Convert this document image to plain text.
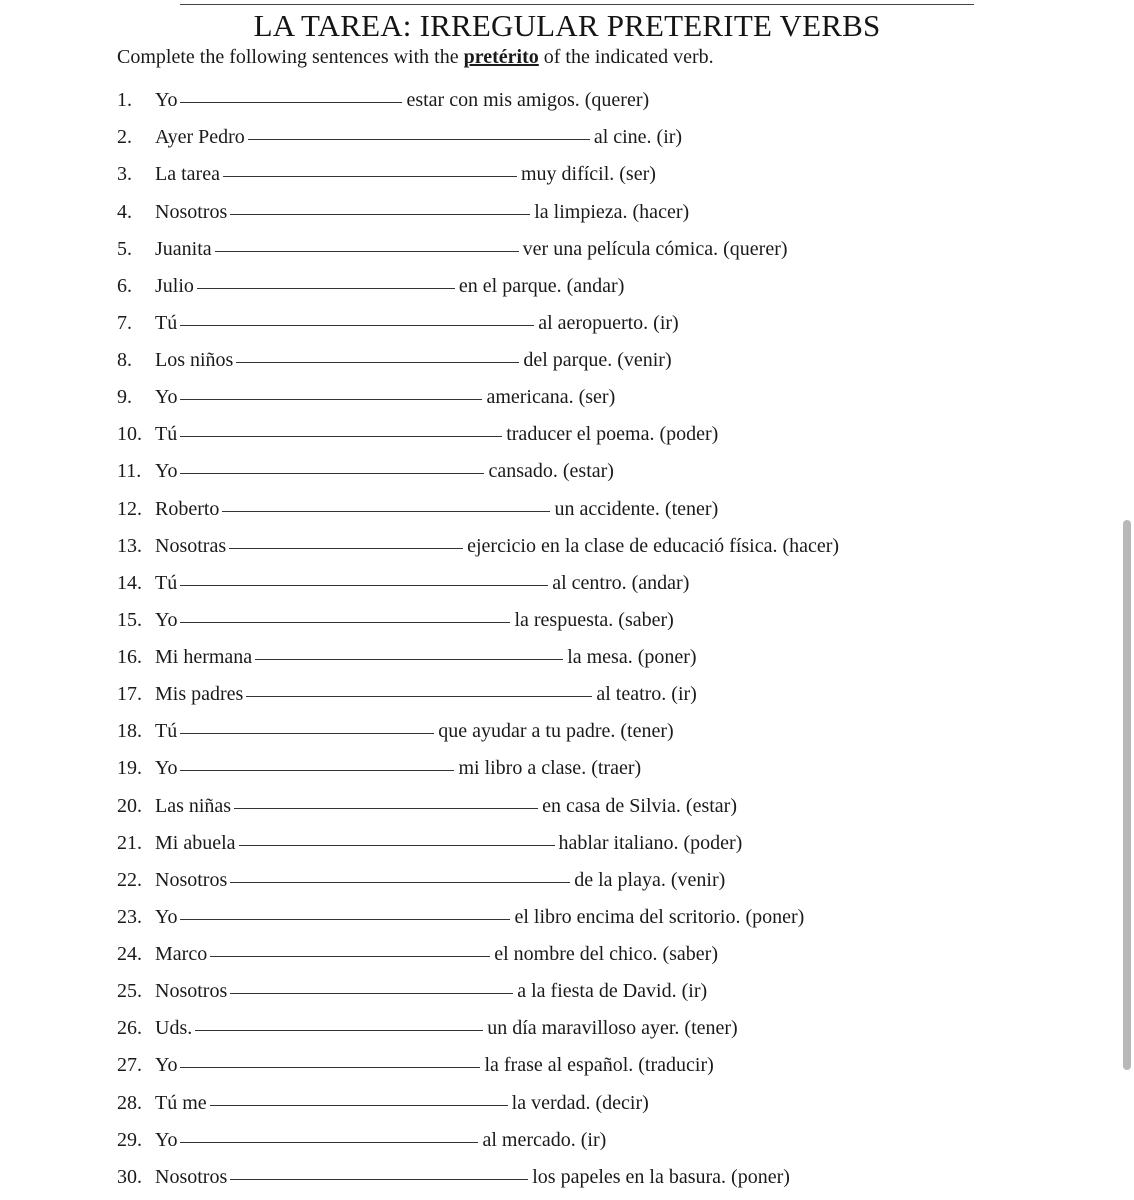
LA TAREA: IRREGULAR PRETERITE VERBS
Complete the following sentences with the pretérito of the indicated verb.
1. Yo	estar con mis amigos. (querer)
2. Ayer Pedro	al cine. (ir)
3. La tarea	muy difícil. (ser)
4. Nosotros	la limpieza. (hacer)
5. Juanita	ver una película cómica. (querer)
6. Julio	en el parque. (andar)
7. Tú	al aeropuerto. (ir)
8. Los niños	del parque. (venir)
9. Yo	americana. (ser)
10. Tú	traducer el poema. (poder)
11. Yo	cansado. (estar)
12. Roberto	un accidente. (tener)
13. Nosotras	ejercicio en la clase de educació física. (hacer)
14. Tú	al centro. (andar)
15. Yo	la respuesta. (saber)
16. Mi hermana	la mesa. (poner)
17. Mis padres	al teatro. (ir)
18. Tú	que ayudar a tu padre. (tener)
19. Yo	mi libro a clase. (traer)
20. Las niñas	en casa de Silvia. (estar)
21. Mi abuela	hablar italiano. (poder)
22. Nosotros	de la playa. (venir)
23. Yo	el libro encima del scritorio. (poner)
24. Marco	el nombre del chico. (saber)
25. Nosotros	a la fiesta de David. (ir)
26. Uds.	un día maravilloso ayer. (tener)
27. Yo	la frase al español. (traducir)
28. Tú me	la verdad. (decir)
29. Yo	al mercado. (ir)
30. Nosotros	los papeles en la basura. (poner)
